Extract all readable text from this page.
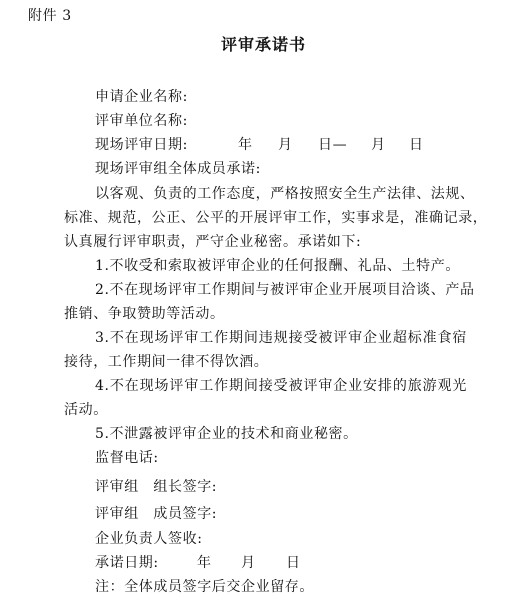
附件 3
评审承诺书
申请企业名称:
评审单位名称:
现场评审日期:	年 月 日— 月 日
现场评审组全体成员承诺:
以客观、负责的工作态度，严格按照安全生产法律、法规、
标准、规范，公正、公平的开展评审工作，实事求是，准确记录，
认真履行评审职责，严守企业秘密。承诺如下:
1.不收受和索取被评审企业的任何报酬、礼品、土特产。
2.不在现场评审工作期间与被评审企业开展项目洽谈、产品
推销、争取赞助等活动。
3.不在现场评审工作期间违规接受被评审企业超标准食宿
接待，工作期间一律不得饮酒。
4.不在现场评审工作期间接受被评审企业安排的旅游观光
活动。
5.不泄露被评审企业的技术和商业秘密。
监督电话:
评审组　组长签字:
评审组　成员签字:
企业负责人签收:
承诺日期:	年 月 日
注：全体成员签字后交企业留存。
